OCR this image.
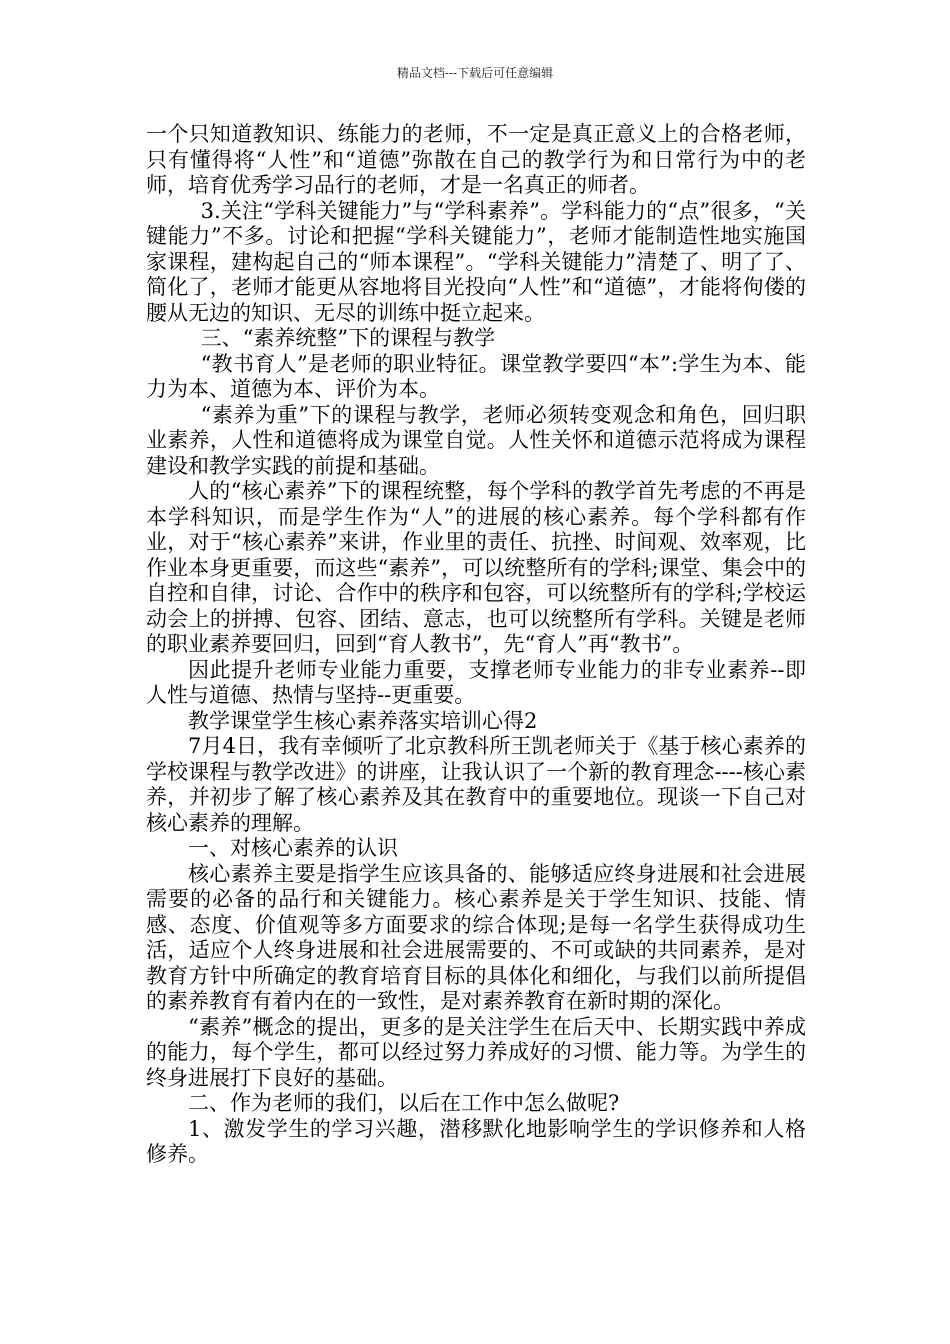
精品文档---下载后可任意编辑

一个只知道教知识、练能力的老师，不一定是真正意义上的合格老师，只有懂得将“人性”和“道德”弥散在自己的教学行为和日常行为中的老师，培育优秀学习品行的老师，才是一名真正的师者。

3.关注“学科关键能力”与“学科素养”。学科能力的“点”很多，“关键能力”不多。讨论和把握“学科关键能力”，老师才能制造性地实施国家课程，建构起自己的“师本课程”。“学科关键能力”清楚了、明了了、简化了，老师才能更从容地将目光投向“人性”和“道德”，才能将佝偻的腰从无边的知识、无尽的训练中挺立起来。

三、“素养统整”下的课程与教学

“教书育人”是老师的职业特征。课堂教学要四“本”:学生为本、能力为本、道德为本、评价为本。

“素养为重”下的课程与教学，老师必须转变观念和角色，回归职业素养，人性和道德将成为课堂自觉。人性关怀和道德示范将成为课程建设和教学实践的前提和基础。

人的“核心素养”下的课程统整，每个学科的教学首先考虑的不再是本学科知识，而是学生作为“人”的进展的核心素养。每个学科都有作业，对于“核心素养”来讲，作业里的责任、抗挫、时间观、效率观，比作业本身更重要，而这些“素养”，可以统整所有的学科;课堂、集会中的自控和自律，讨论、合作中的秩序和包容，可以统整所有的学科;学校运动会上的拼搏、包容、团结、意志，也可以统整所有学科。关键是老师的职业素养要回归，回到“育人教书”，先“育人”再“教书”。

因此提升老师专业能力重要，支撑老师专业能力的非专业素养--即人性与道德、热情与坚持--更重要。

教学课堂学生核心素养落实培训心得2

7月4日，我有幸倾听了北京教科所王凯老师关于《基于核心素养的学校课程与教学改进》的讲座，让我认识了一个新的教育理念----核心素养，并初步了解了核心素养及其在教育中的重要地位。现谈一下自己对核心素养的理解。

一、对核心素养的认识

核心素养主要是指学生应该具备的、能够适应终身进展和社会进展需要的必备的品行和关键能力。核心素养是关于学生知识、技能、情感、态度、价值观等多方面要求的综合体现;是每一名学生获得成功生活，适应个人终身进展和社会进展需要的、不可或缺的共同素养，是对教育方针中所确定的教育培育目标的具体化和细化，与我们以前所提倡的素养教育有着内在的一致性，是对素养教育在新时期的深化。

“素养”概念的提出，更多的是关注学生在后天中、长期实践中养成的能力，每个学生，都可以经过努力养成好的习惯、能力等。为学生的终身进展打下良好的基础。

二、作为老师的我们，以后在工作中怎么做呢?

1、激发学生的学习兴趣，潜移默化地影响学生的学识修养和人格修养。
